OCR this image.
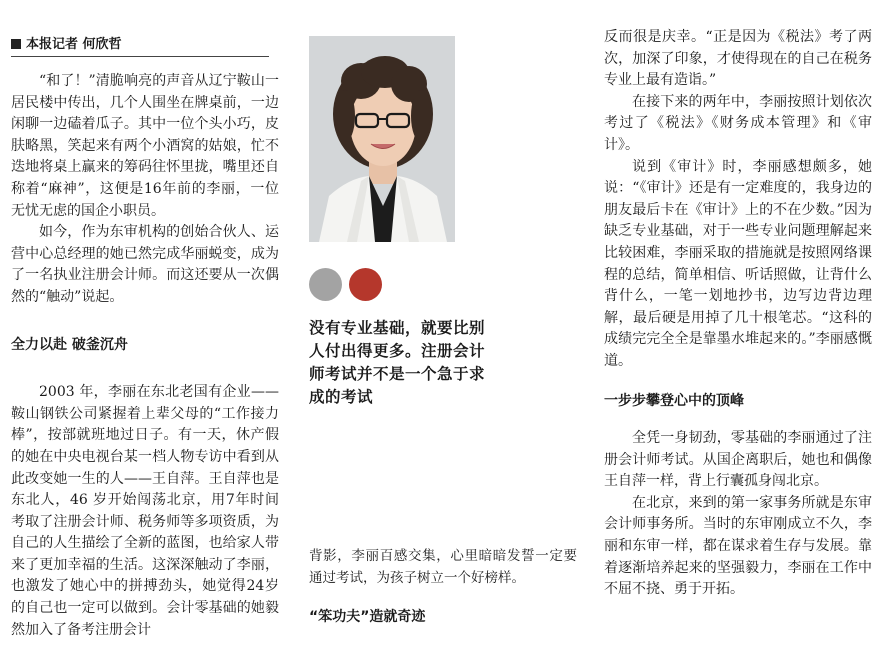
本报记者 何欣哲

“和了！”清脆响亮的声音从辽宁鞍山一居民楼中传出，几个人围坐在牌桌前，一边闲聊一边磕着瓜子。其中一位个头小巧，皮肤略黑，笑起来有两个小酒窝的姑娘，忙不迭地将桌上赢来的筹码往怀里拢，嘴里还自称着“麻神”，这便是16年前的李丽，一位无忧无虑的国企小职员。

如今，作为东审机构的创始合伙人、运营中心总经理的她已然完成华丽蜕变，成为了一名执业注册会计师。而这还要从一次偶然的“触动”说起。

全力以赴 破釜沉舟

2003 年，李丽在东北老国有企业——鞍山钢铁公司紧握着上辈父母的“工作接力棒”，按部就班地过日子。有一天，休产假的她在中央电视台某一档人物专访中看到从此改变她一生的人——王自萍。王自萍也是东北人，46 岁开始闯荡北京，用7年时间考取了注册会计师、税务师等多项资质，为自己的人生描绘了全新的蓝图，也给家人带来了更加幸福的生活。这深深触动了李丽，也激发了她心中的拼搏劲头，她觉得24岁的自己也一定可以做到。会计零基础的她毅然加入了备考注册会计

没有专业基础，就要比别人付出得更多。注册会计师考试并不是一个急于求成的考试

背影，李丽百感交集，心里暗暗发誓一定要通过考试，为孩子树立一个好榜样。

“笨功夫”造就奇迹

反而很是庆幸。“正是因为《税法》考了两次，加深了印象，才使得现在的自己在税务专业上最有造诣。”

在接下来的两年中，李丽按照计划依次考过了《税法》《财务成本管理》和《审计》。

说到《审计》时，李丽感想颇多，她说：“《审计》还是有一定难度的，我身边的朋友最后卡在《审计》上的不在少数。”因为缺乏专业基础，对于一些专业问题理解起来比较困难，李丽采取的措施就是按照网络课程的总结，简单相信、听话照做，让背什么背什么，一笔一划地抄书，边写边背边理解，最后硬是用掉了几十根笔芯。“这科的成绩完完全全是靠墨水堆起来的。”李丽感慨道。

一步步攀登心中的顶峰

全凭一身韧劲，零基础的李丽通过了注册会计师考试。从国企离职后，她也和偶像王自萍一样，背上行囊孤身闯北京。

在北京，来到的第一家事务所就是东审会计师事务所。当时的东审刚成立不久，李丽和东审一样，都在谋求着生存与发展。靠着逐渐培养起来的坚强毅力，李丽在工作中不屈不挠、勇于开拓。
